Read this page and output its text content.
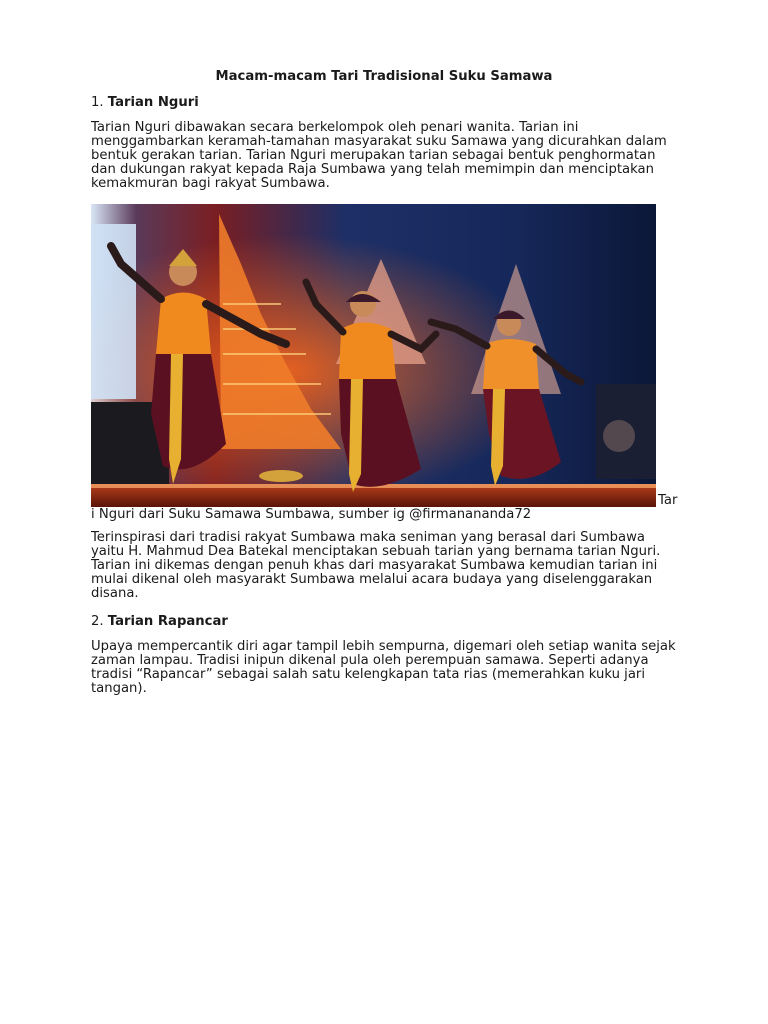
Macam-macam Tari Tradisional Suku Samawa
1. Tarian Nguri

Tarian Nguri dibawakan secara berkelompok oleh penari wanita. Tarian ini menggambarkan keramah-tamahan masyarakat suku Samawa yang dicurahkan dalam bentuk gerakan tarian. Tarian Nguri merupakan tarian sebagai bentuk penghormatan dan dukungan rakyat kepada Raja Sumbawa yang telah memimpin dan menciptakan kemakmuran bagi rakyat Sumbawa.

Tar
i Nguri dari Suku Samawa Sumbawa, sumber ig @firmanananda72

Terinspirasi dari tradisi rakyat Sumbawa maka seniman yang berasal dari Sumbawa yaitu H. Mahmud Dea Batekal menciptakan sebuah tarian yang bernama tarian Nguri. Tarian ini dikemas dengan penuh khas dari masyarakat Sumbawa kemudian tarian ini mulai dikenal oleh masyarakt Sumbawa melalui acara budaya yang diselenggarakan disana.

2. Tarian Rapancar

Upaya mempercantik diri agar tampil lebih sempurna, digemari oleh setiap wanita sejak zaman lampau. Tradisi inipun dikenal pula oleh perempuan samawa. Seperti adanya tradisi “Rapancar” sebagai salah satu kelengkapan tata rias (memerahkan kuku jari tangan).
